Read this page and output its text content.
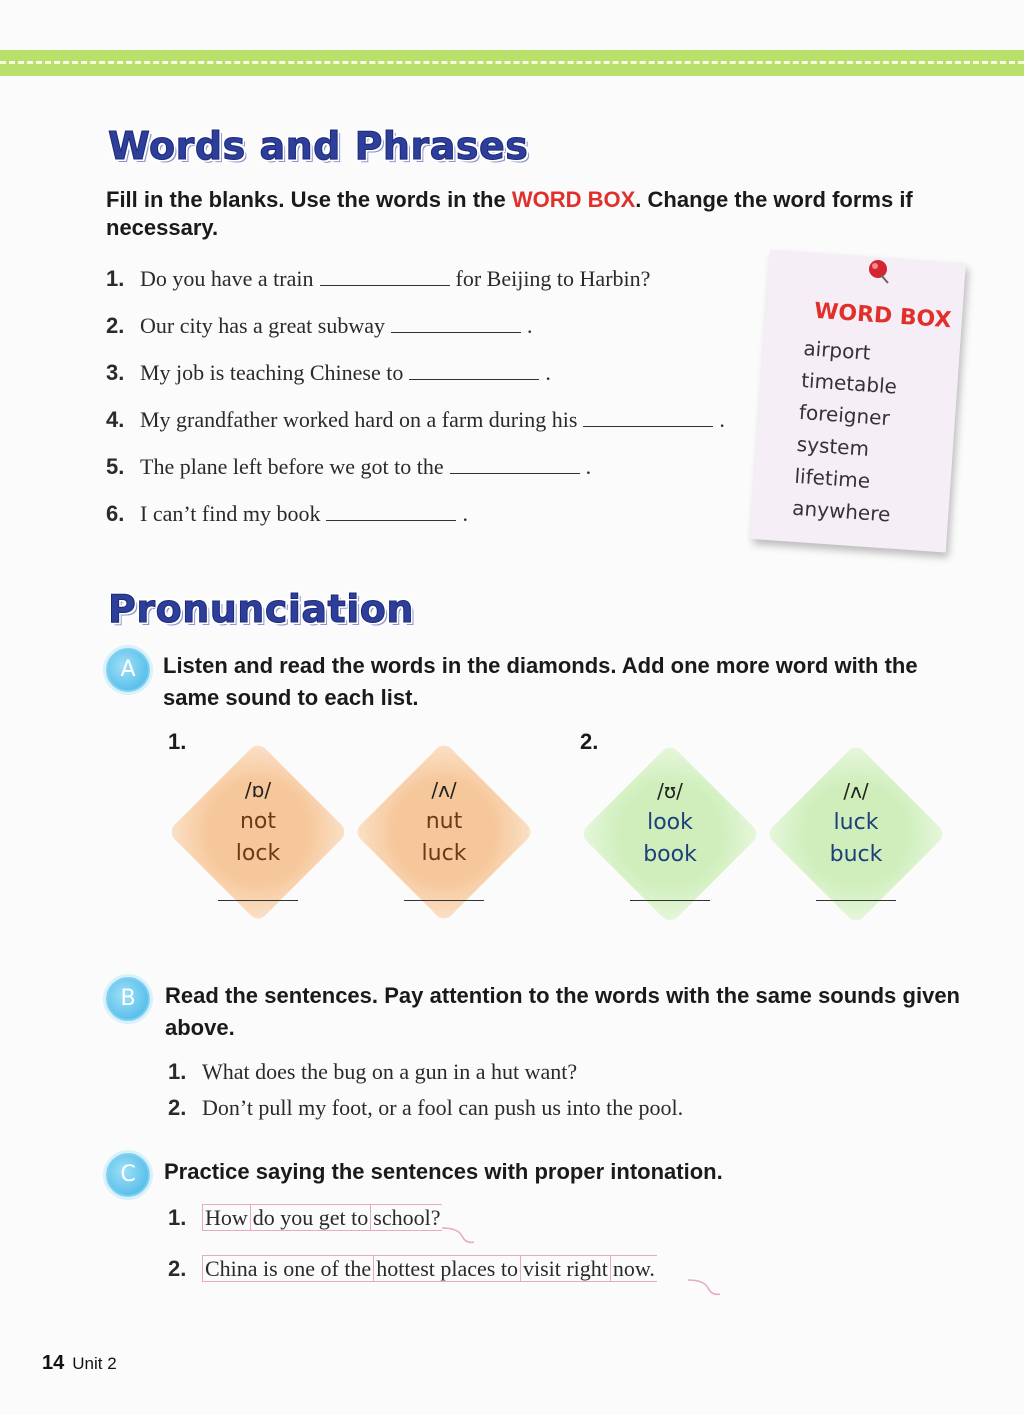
Words and Phrases
Fill in the blanks. Use the words in the WORD BOX. Change the word forms if necessary.
1. Do you have a train	for Beijing to Harbin?
2. Our city has a great subway	.
3. My job is teaching Chinese to	.
4. My grandfather worked hard on a farm during his	.
5. The plane left before we got to the	.
6. I can’t find my book	.
WORD BOX
airport
timetable
foreigner
system
lifetime
anywhere
Pronunciation
A	Listen and read the words in the diamonds. Add one more word with the same sound to each list.
1.	2.
/ɒ/
not
lock
/ʌ/
nut
luck
/ʊ/
look
book
/ʌ/
luck
buck
B	Read the sentences. Pay attention to the words with the same sounds given above.
1. What does the bug on a gun in a hut want?
2. Don’t pull my foot, or a fool can push us into the pool.
C	Practice saying the sentences with proper intonation.
1. How do you get to school?
2. China is one of the hottest places to visit right now.
14 Unit 2
